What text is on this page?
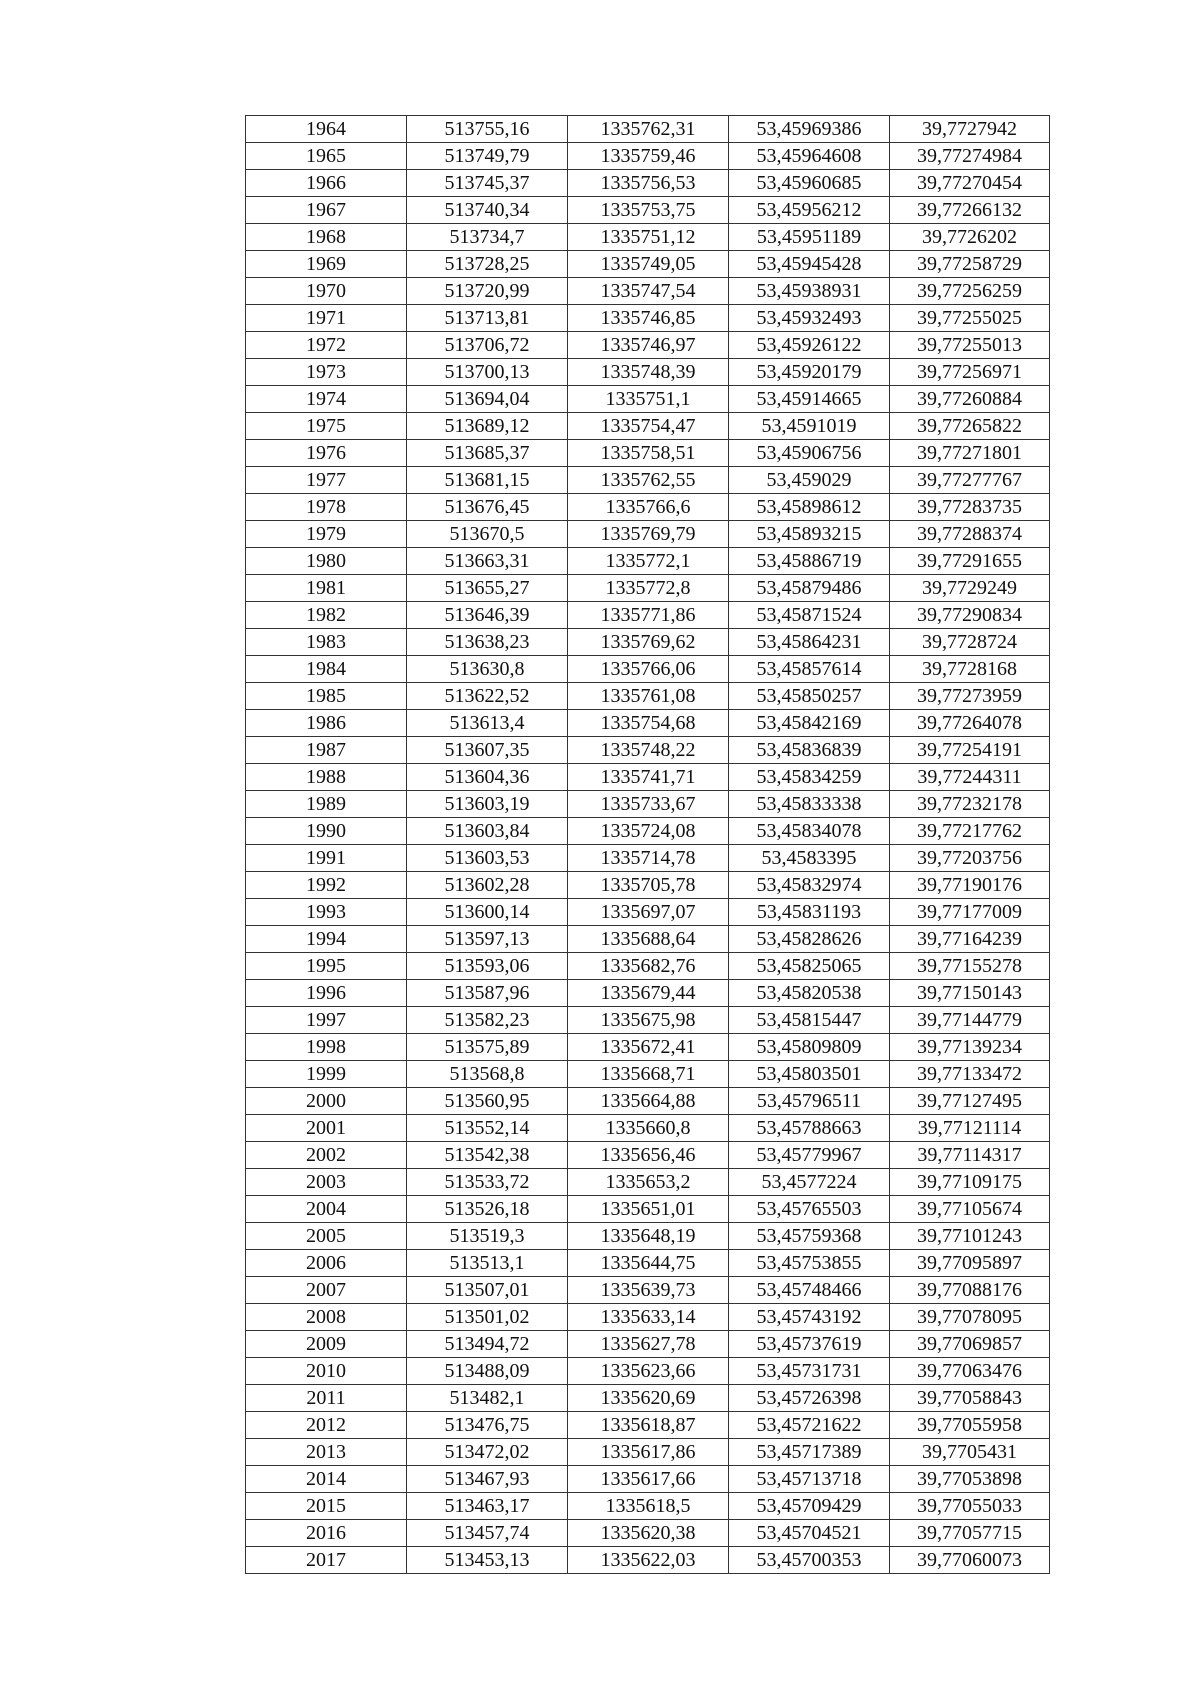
1964	513755,16	1335762,31	53,45969386	39,7727942
1965	513749,79	1335759,46	53,45964608	39,77274984
1966	513745,37	1335756,53	53,45960685	39,77270454
1967	513740,34	1335753,75	53,45956212	39,77266132
1968	513734,7	1335751,12	53,45951189	39,7726202
1969	513728,25	1335749,05	53,45945428	39,77258729
1970	513720,99	1335747,54	53,45938931	39,77256259
1971	513713,81	1335746,85	53,45932493	39,77255025
1972	513706,72	1335746,97	53,45926122	39,77255013
1973	513700,13	1335748,39	53,45920179	39,77256971
1974	513694,04	1335751,1	53,45914665	39,77260884
1975	513689,12	1335754,47	53,4591019	39,77265822
1976	513685,37	1335758,51	53,45906756	39,77271801
1977	513681,15	1335762,55	53,459029	39,77277767
1978	513676,45	1335766,6	53,45898612	39,77283735
1979	513670,5	1335769,79	53,45893215	39,77288374
1980	513663,31	1335772,1	53,45886719	39,77291655
1981	513655,27	1335772,8	53,45879486	39,7729249
1982	513646,39	1335771,86	53,45871524	39,77290834
1983	513638,23	1335769,62	53,45864231	39,7728724
1984	513630,8	1335766,06	53,45857614	39,7728168
1985	513622,52	1335761,08	53,45850257	39,77273959
1986	513613,4	1335754,68	53,45842169	39,77264078
1987	513607,35	1335748,22	53,45836839	39,77254191
1988	513604,36	1335741,71	53,45834259	39,77244311
1989	513603,19	1335733,67	53,45833338	39,77232178
1990	513603,84	1335724,08	53,45834078	39,77217762
1991	513603,53	1335714,78	53,4583395	39,77203756
1992	513602,28	1335705,78	53,45832974	39,77190176
1993	513600,14	1335697,07	53,45831193	39,77177009
1994	513597,13	1335688,64	53,45828626	39,77164239
1995	513593,06	1335682,76	53,45825065	39,77155278
1996	513587,96	1335679,44	53,45820538	39,77150143
1997	513582,23	1335675,98	53,45815447	39,77144779
1998	513575,89	1335672,41	53,45809809	39,77139234
1999	513568,8	1335668,71	53,45803501	39,77133472
2000	513560,95	1335664,88	53,45796511	39,77127495
2001	513552,14	1335660,8	53,45788663	39,77121114
2002	513542,38	1335656,46	53,45779967	39,77114317
2003	513533,72	1335653,2	53,4577224	39,77109175
2004	513526,18	1335651,01	53,45765503	39,77105674
2005	513519,3	1335648,19	53,45759368	39,77101243
2006	513513,1	1335644,75	53,45753855	39,77095897
2007	513507,01	1335639,73	53,45748466	39,77088176
2008	513501,02	1335633,14	53,45743192	39,77078095
2009	513494,72	1335627,78	53,45737619	39,77069857
2010	513488,09	1335623,66	53,45731731	39,77063476
2011	513482,1	1335620,69	53,45726398	39,77058843
2012	513476,75	1335618,87	53,45721622	39,77055958
2013	513472,02	1335617,86	53,45717389	39,7705431
2014	513467,93	1335617,66	53,45713718	39,77053898
2015	513463,17	1335618,5	53,45709429	39,77055033
2016	513457,74	1335620,38	53,45704521	39,77057715
2017	513453,13	1335622,03	53,45700353	39,77060073
